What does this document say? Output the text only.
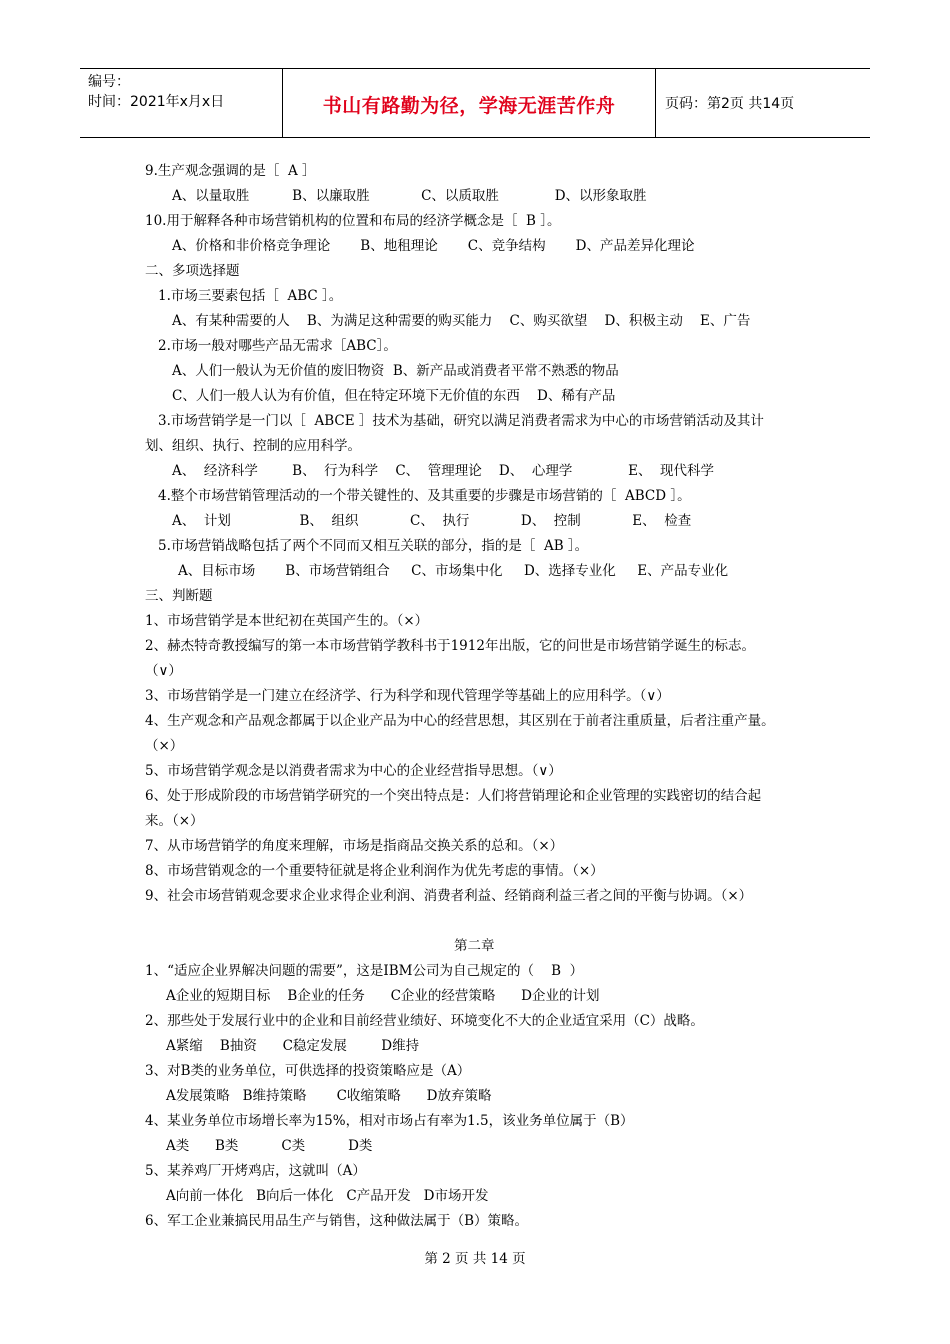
编号：
时间：2021年x月x日	书山有路勤为径，学海无涯苦作舟	页码：第2页 共14页
9.生产观念强调的是［  A ］
A、以量取胜          B、以廉取胜            C、以质取胜             D、以形象取胜
10.用于解释各种市场营销机构的位置和布局的经济学概念是［  B ］。
A、价格和非价格竞争理论       B、地租理论       C、竞争结构       D、产品差异化理论
二、多项选择题
1.市场三要素包括［  ABC ］。
A、有某种需要的人    B、为满足这种需要的购买能力    C、购买欲望    D、积极主动    E、广告
2.市场一般对哪些产品无需求［ABC］。
A、人们一般认为无价值的废旧物资  B、新产品或消费者平常不熟悉的物品
C、人们一般人认为有价值，但在特定环境下无价值的东西    D、稀有产品
3.市场营销学是一门以［  ABCE ］技术为基础，研究以满足消费者需求为中心的市场营销活动及其计
划、组织、执行、控制的应用科学。
A、  经济科学        B、  行为科学    C、  管理理论    D、  心理学             E、  现代科学
4.整个市场营销管理活动的一个带关键性的、及其重要的步骤是市场营销的［  ABCD ］。
A、  计划                B、  组织            C、  执行            D、  控制            E、  检查
5.市场营销战略包括了两个不同而又相互关联的部分，指的是［  AB ］。
A、目标市场       B、市场营销组合     C、市场集中化     D、选择专业化     E、产品专业化
三、判断题
1、市场营销学是本世纪初在英国产生的。（×）
2、赫杰特奇教授编写的第一本市场营销学教科书于1912年出版，它的问世是市场营销学诞生的标志。
（∨）
3、市场营销学是一门建立在经济学、行为科学和现代管理学等基础上的应用科学。（∨）
4、生产观念和产品观念都属于以企业产品为中心的经营思想，其区别在于前者注重质量，后者注重产量。
（×）
5、市场营销学观念是以消费者需求为中心的企业经营指导思想。（∨）
6、处于形成阶段的市场营销学研究的一个突出特点是：人们将营销理论和企业管理的实践密切的结合起
来。（×）
7、从市场营销学的角度来理解，市场是指商品交换关系的总和。（×）
8、市场营销观念的一个重要特征就是将企业利润作为优先考虑的事情。（×）
9、社会市场营销观念要求企业求得企业利润、消费者利益、经销商利益三者之间的平衡与协调。（×）
第二章
1、“适应企业界解决问题的需要”，这是IBM公司为自己规定的（    B  ）
A企业的短期目标    B企业的任务      C企业的经营策略      D企业的计划
2、那些处于发展行业中的企业和目前经营业绩好、环境变化不大的企业适宜采用（C）战略。
A紧缩    B抽资      C稳定发展        D维持
3、对B类的业务单位，可供选择的投资策略应是（A）
A发展策略   B维持策略       C收缩策略      D放弃策略
4、某业务单位市场增长率为15%，相对市场占有率为1.5，该业务单位属于（B）
A类      B类          C类          D类
5、某养鸡厂开烤鸡店，这就叫（A）
A向前一体化   B向后一体化   C产品开发   D市场开发
6、军工企业兼搞民用品生产与销售，这种做法属于（B）策略。
第 2 页 共 14 页
